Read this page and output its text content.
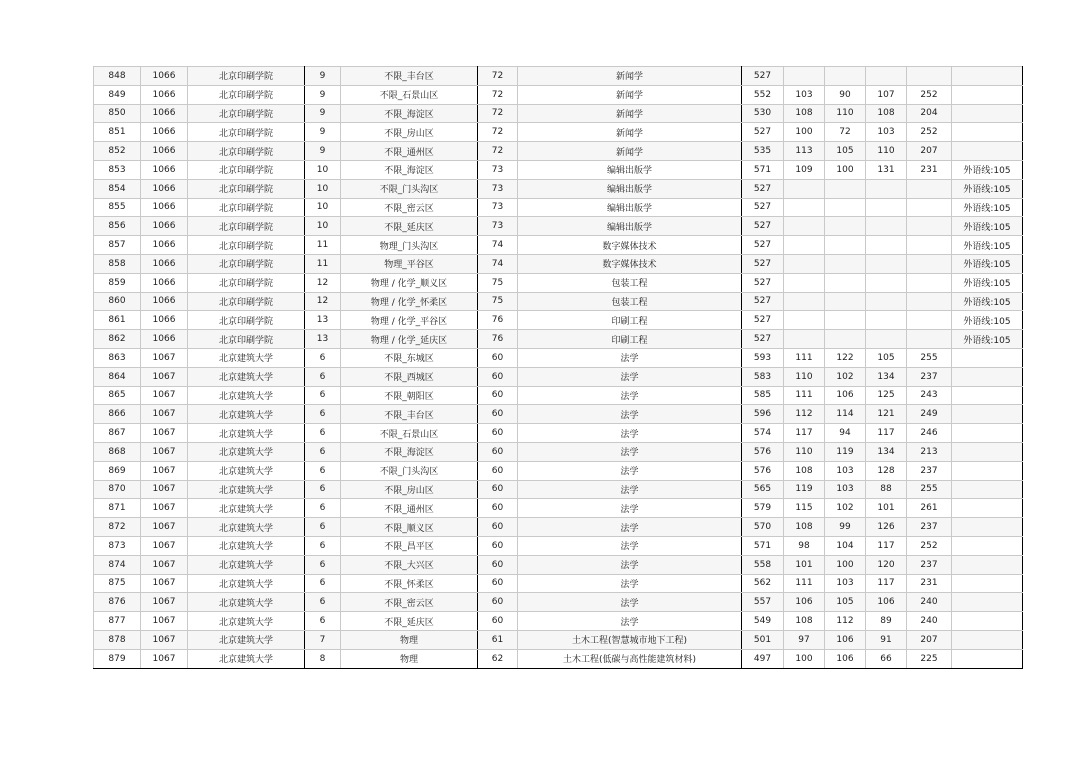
848	1066	北京印刷学院	9	不限_丰台区	72	新闻学	527					
849	1066	北京印刷学院	9	不限_石景山区	72	新闻学	552	103	90	107	252	
850	1066	北京印刷学院	9	不限_海淀区	72	新闻学	530	108	110	108	204	
851	1066	北京印刷学院	9	不限_房山区	72	新闻学	527	100	72	103	252	
852	1066	北京印刷学院	9	不限_通州区	72	新闻学	535	113	105	110	207	
853	1066	北京印刷学院	10	不限_海淀区	73	编辑出版学	571	109	100	131	231	外语线:105
854	1066	北京印刷学院	10	不限_门头沟区	73	编辑出版学	527					外语线:105
855	1066	北京印刷学院	10	不限_密云区	73	编辑出版学	527					外语线:105
856	1066	北京印刷学院	10	不限_延庆区	73	编辑出版学	527					外语线:105
857	1066	北京印刷学院	11	物理_门头沟区	74	数字媒体技术	527					外语线:105
858	1066	北京印刷学院	11	物理_平谷区	74	数字媒体技术	527					外语线:105
859	1066	北京印刷学院	12	物理 / 化学_顺义区	75	包装工程	527					外语线:105
860	1066	北京印刷学院	12	物理 / 化学_怀柔区	75	包装工程	527					外语线:105
861	1066	北京印刷学院	13	物理 / 化学_平谷区	76	印刷工程	527					外语线:105
862	1066	北京印刷学院	13	物理 / 化学_延庆区	76	印刷工程	527					外语线:105
863	1067	北京建筑大学	6	不限_东城区	60	法学	593	111	122	105	255	
864	1067	北京建筑大学	6	不限_西城区	60	法学	583	110	102	134	237	
865	1067	北京建筑大学	6	不限_朝阳区	60	法学	585	111	106	125	243	
866	1067	北京建筑大学	6	不限_丰台区	60	法学	596	112	114	121	249	
867	1067	北京建筑大学	6	不限_石景山区	60	法学	574	117	94	117	246	
868	1067	北京建筑大学	6	不限_海淀区	60	法学	576	110	119	134	213	
869	1067	北京建筑大学	6	不限_门头沟区	60	法学	576	108	103	128	237	
870	1067	北京建筑大学	6	不限_房山区	60	法学	565	119	103	88	255	
871	1067	北京建筑大学	6	不限_通州区	60	法学	579	115	102	101	261	
872	1067	北京建筑大学	6	不限_顺义区	60	法学	570	108	99	126	237	
873	1067	北京建筑大学	6	不限_昌平区	60	法学	571	98	104	117	252	
874	1067	北京建筑大学	6	不限_大兴区	60	法学	558	101	100	120	237	
875	1067	北京建筑大学	6	不限_怀柔区	60	法学	562	111	103	117	231	
876	1067	北京建筑大学	6	不限_密云区	60	法学	557	106	105	106	240	
877	1067	北京建筑大学	6	不限_延庆区	60	法学	549	108	112	89	240	
878	1067	北京建筑大学	7	物理	61	土木工程(智慧城市地下工程)	501	97	106	91	207	
879	1067	北京建筑大学	8	物理	62	土木工程(低碳与高性能建筑材料)	497	100	106	66	225	
